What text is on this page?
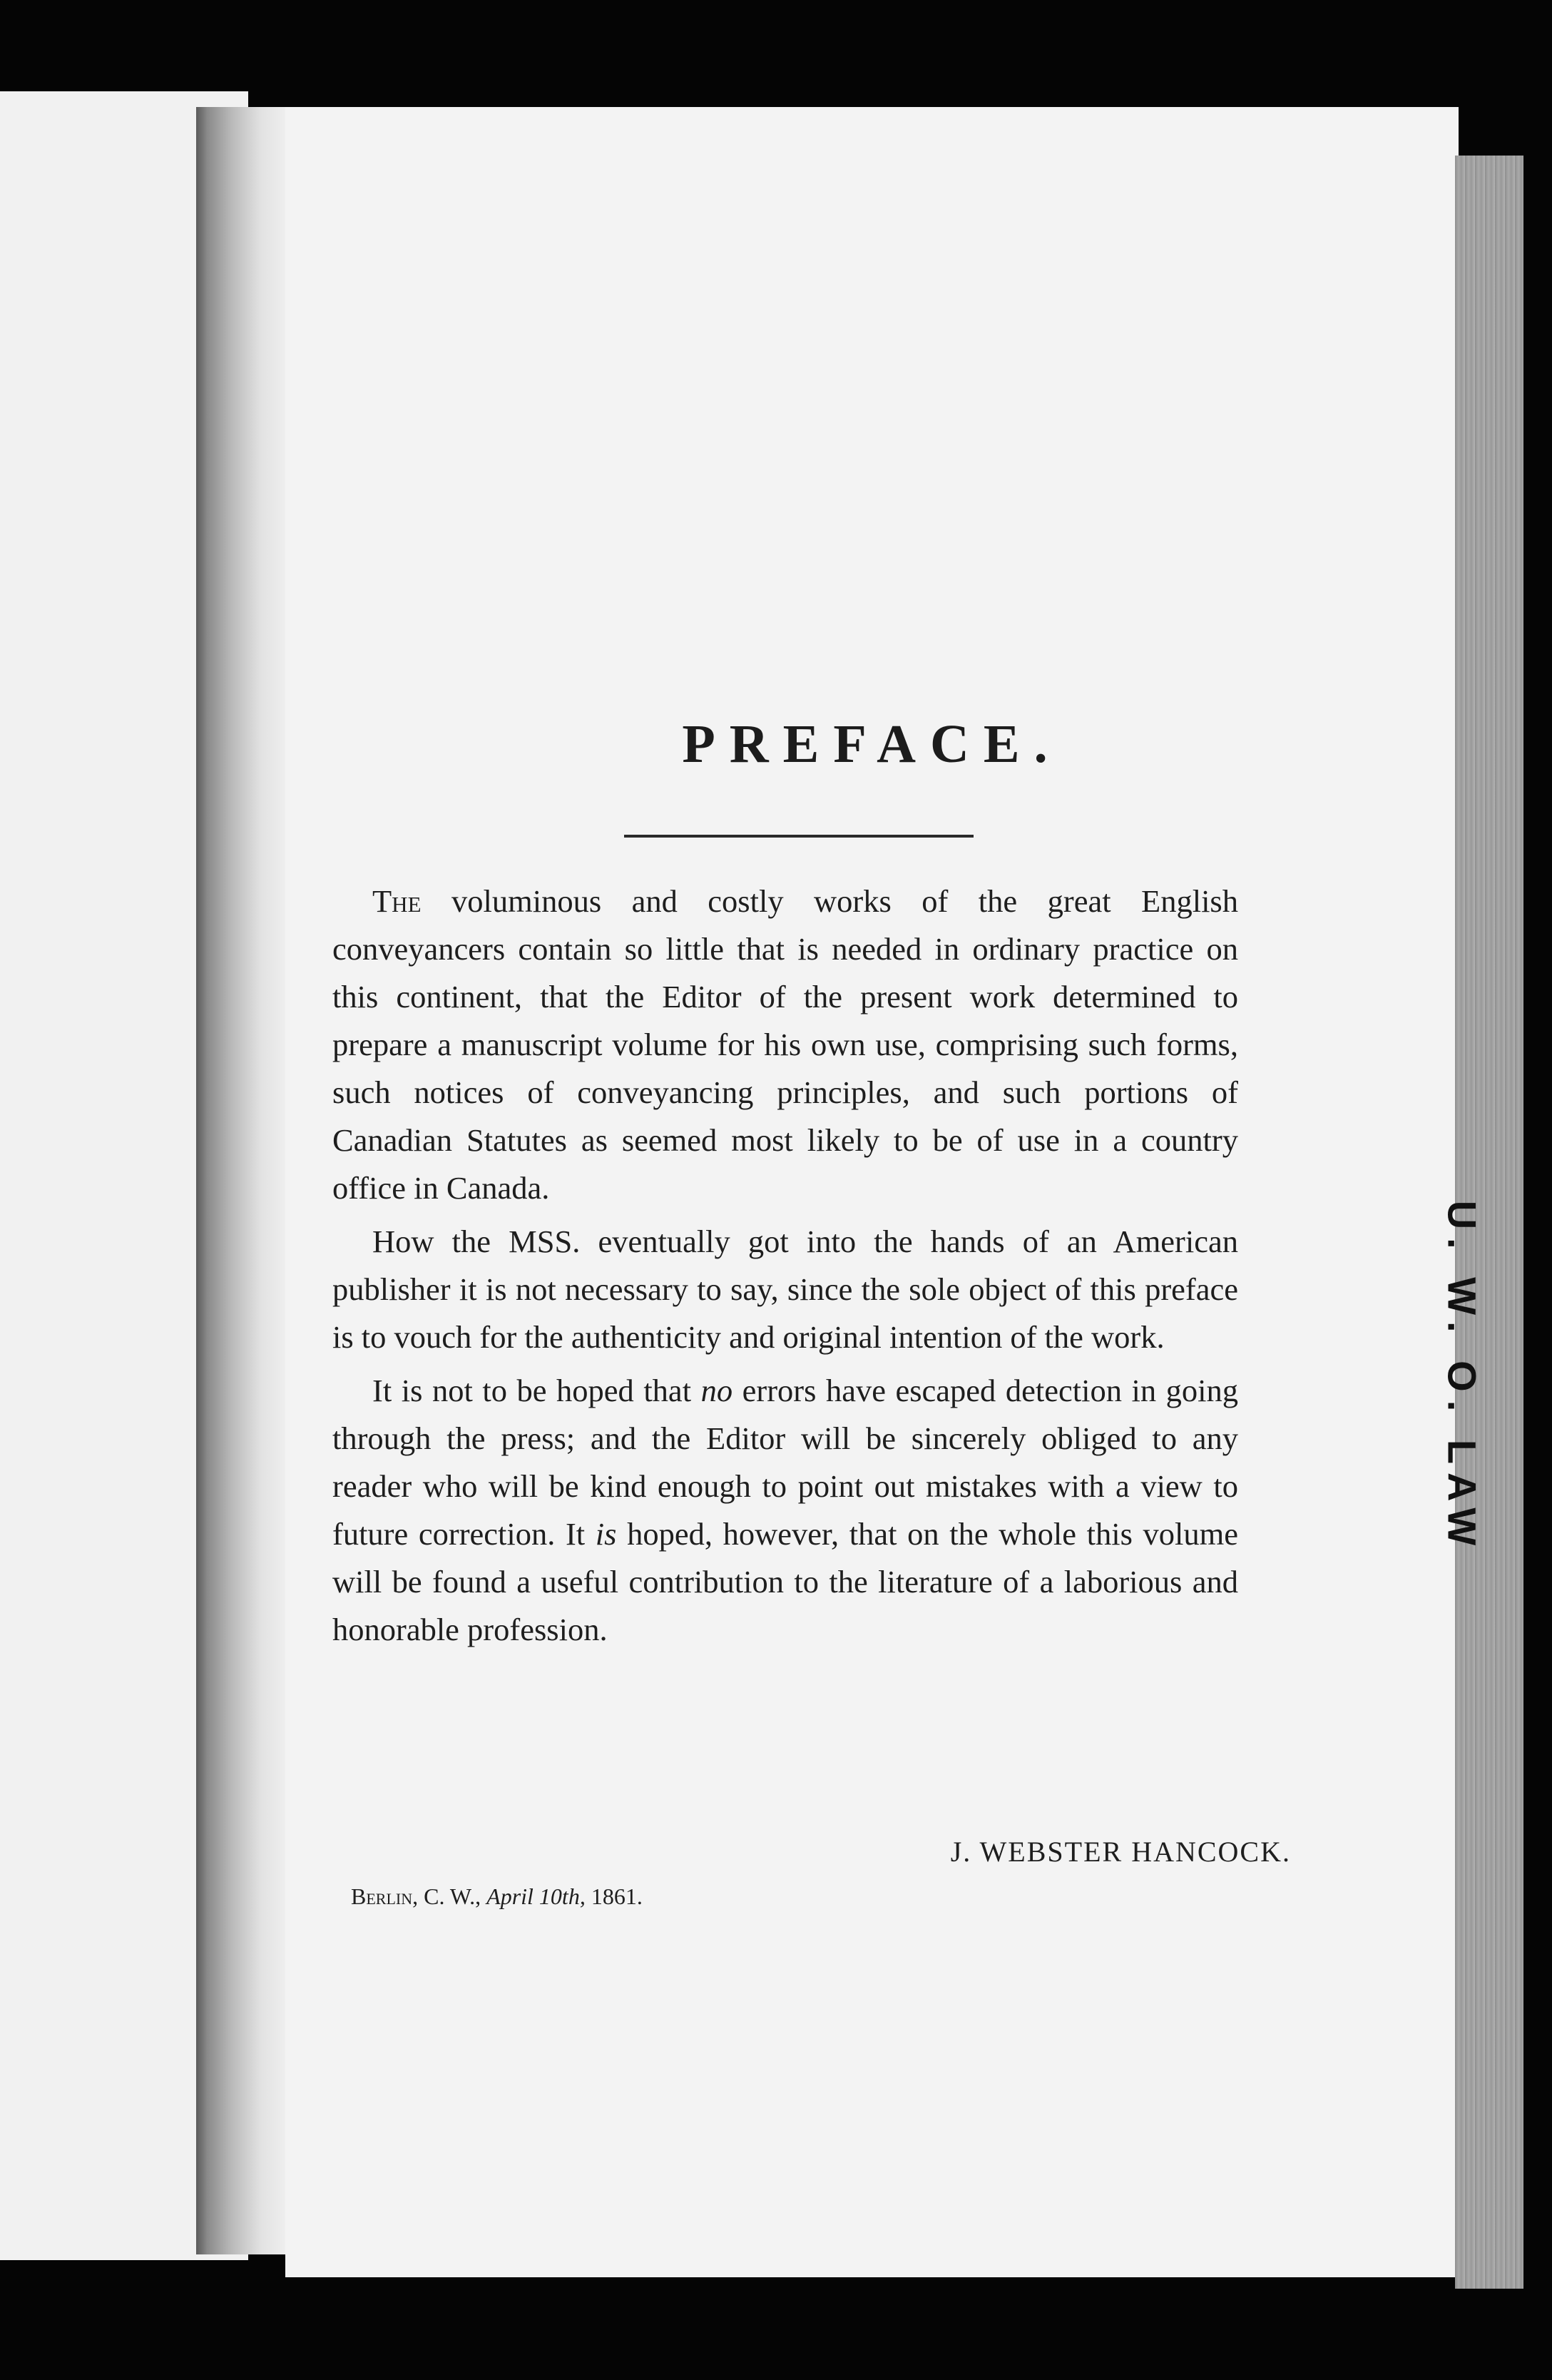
U. W. O. LAW
PREFACE.

The voluminous and costly works of the great English conveyancers contain so little that is needed in ordinary practice on this continent, that the Editor of the present work determined to prepare a manuscript volume for his own use, comprising such forms, such notices of conveyancing principles, and such portions of Canadian Statutes as seemed most likely to be of use in a country office in Canada.

How the MSS. eventually got into the hands of an American publisher it is not necessary to say, since the sole object of this preface is to vouch for the authenticity and original intention of the work.

It is not to be hoped that no errors have escaped detection in going through the press; and the Editor will be sincerely obliged to any reader who will be kind enough to point out mistakes with a view to future correction. It is hoped, however, that on the whole this volume will be found a useful contribution to the literature of a laborious and honorable profession.

J. WEBSTER HANCOCK.
Berlin, C. W., April 10th, 1861.
